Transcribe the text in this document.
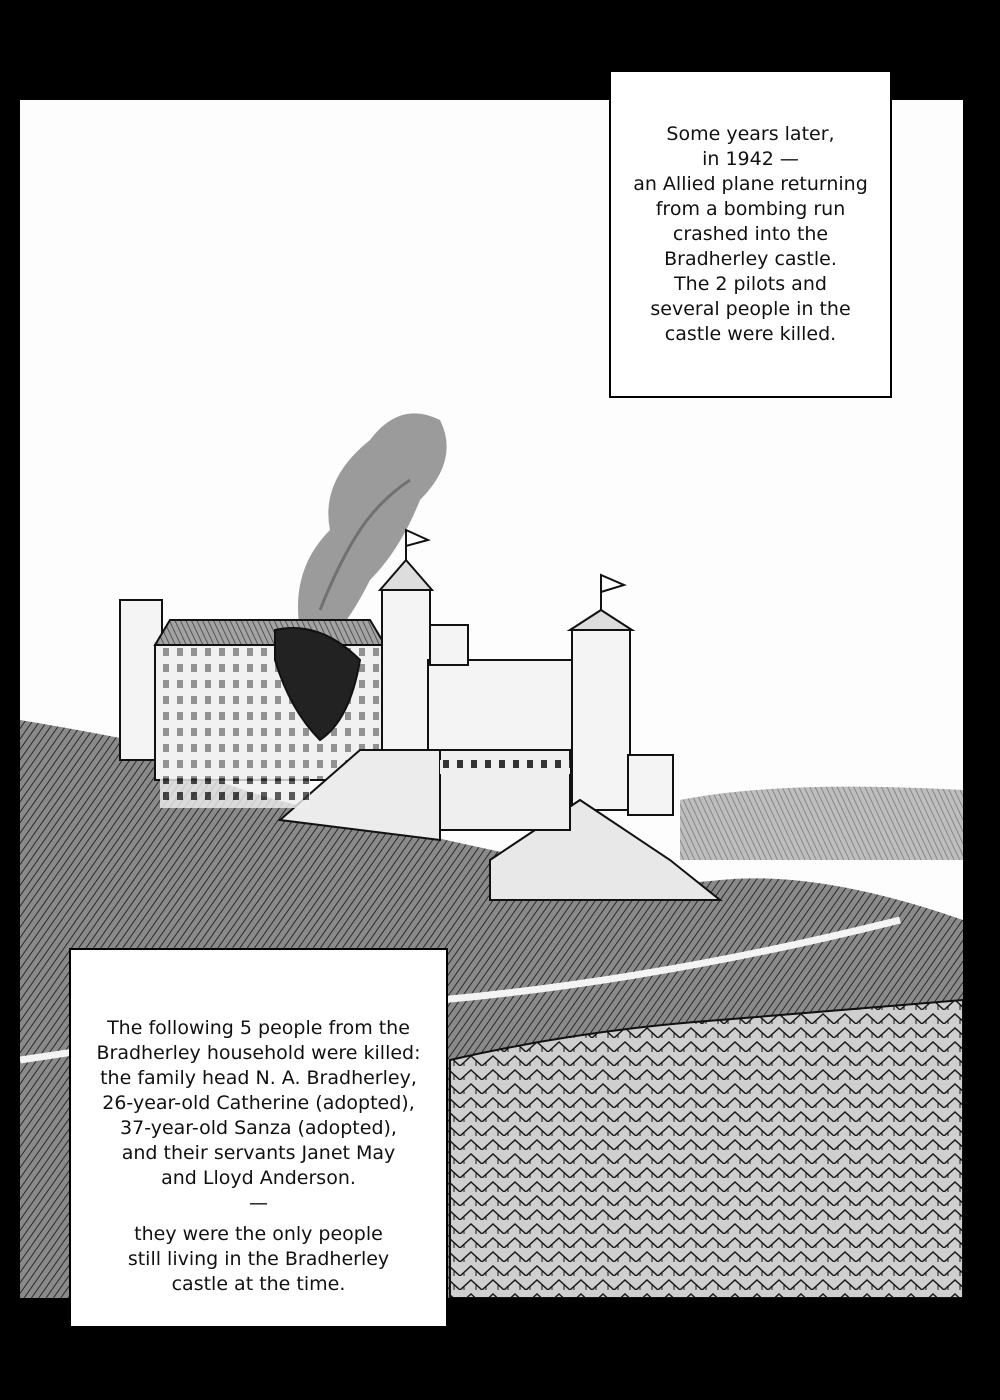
Some years later,
in 1942 —
an Allied plane returning
from a bombing run
crashed into the
Bradherley castle.
The 2 pilots and
several people in the
castle were killed.
The following 5 people from the
Bradherley household were killed:
the family head N. A. Bradherley,
26-year-old Catherine (adopted),
37-year-old Sanza (adopted),
and their servants Janet May
and Lloyd Anderson.
—
they were the only people
still living in the Bradherley
castle at the time.
